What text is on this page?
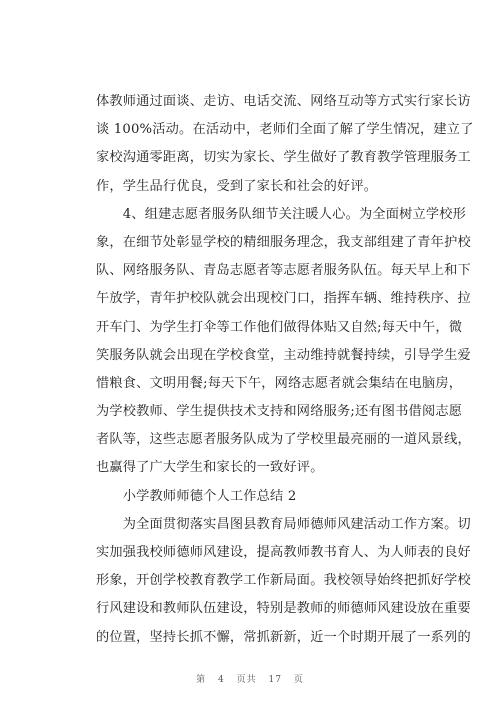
体教师通过面谈、走访、电话交流、网络互动等方式实行家长访
谈 100%活动。在活动中，老师们全面了解了学生情况，建立了
家校沟通零距离，切实为家长、学生做好了教育教学管理服务工
作，学生品行优良，受到了家长和社会的好评。
　　4、组建志愿者服务队细节关注暖人心。为全面树立学校形
象，在细节处彰显学校的精细服务理念，我支部组建了青年护校
队、网络服务队、青岛志愿者等志愿者服务队伍。每天早上和下
午放学，青年护校队就会出现校门口，指挥车辆、维持秩序、拉
开车门、为学生打伞等工作他们做得体贴又自然;每天中午，微
笑服务队就会出现在学校食堂，主动维持就餐持续，引导学生爱
惜粮食、文明用餐;每天下午，网络志愿者就会集结在电脑房，
为学校教师、学生提供技术支持和网络服务;还有图书借阅志愿
者队等，这些志愿者服务队成为了学校里最亮丽的一道风景线，
也赢得了广大学生和家长的一致好评。
　　小学教师师德个人工作总结 2
　　为全面贯彻落实昌图县教育局师德师风建活动工作方案。切
实加强我校师德师风建设，提高教师教书育人、为人师表的良好
形象，开创学校教育教学工作新局面。我校领导始终把抓好学校
行风建设和教师队伍建设，特别是教师的师德师风建设放在重要
的位置，坚持长抓不懈，常抓新新，近一个时期开展了一系列的
第 4 页共 17 页
